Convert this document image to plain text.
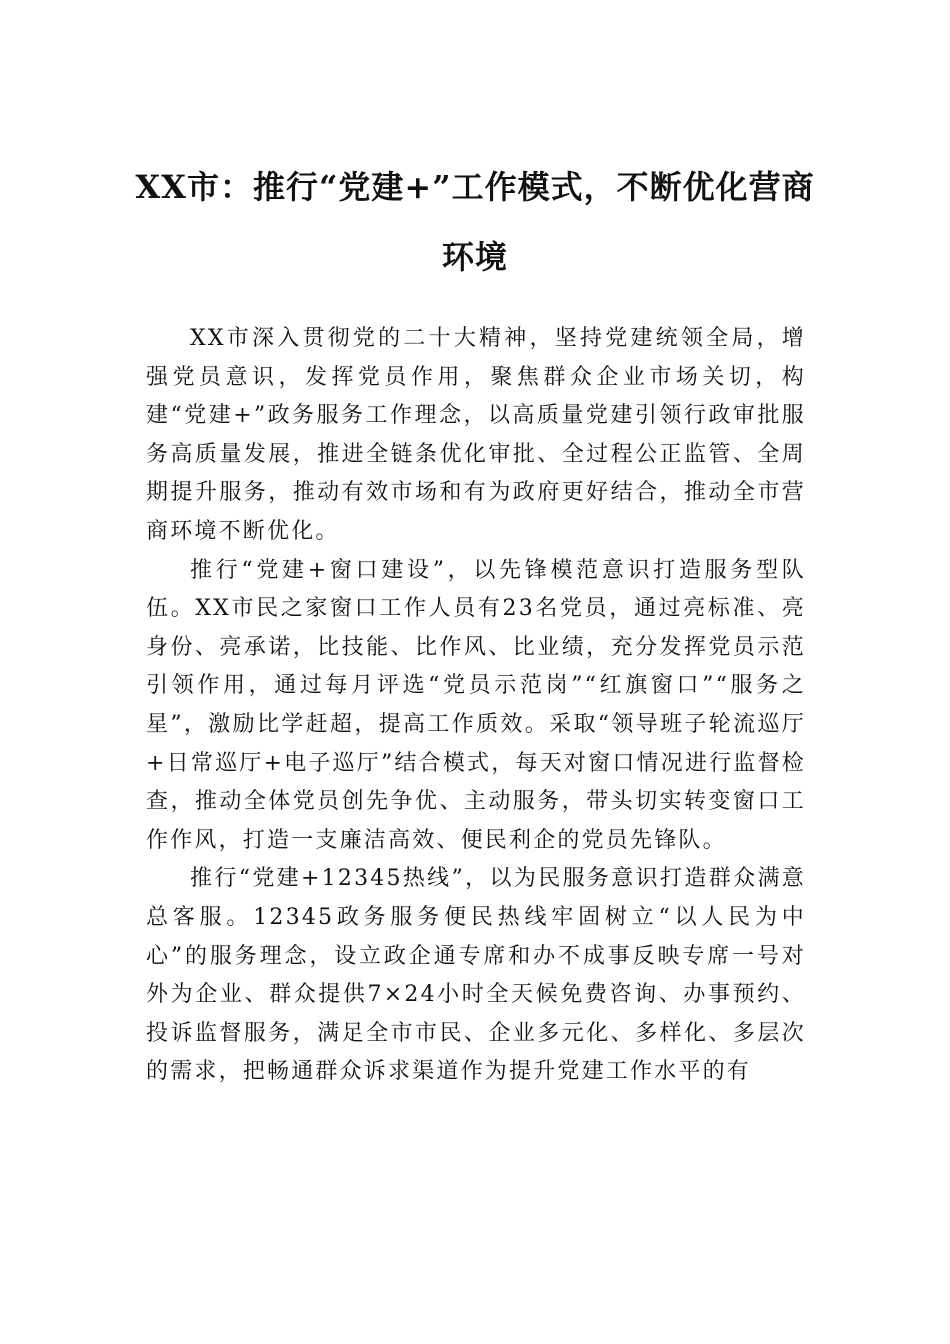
XX市：推行“党建+”工作模式，不断优化营商环境

XX市深入贯彻党的二十大精神，坚持党建统领全局，增强党员意识，发挥党员作用，聚焦群众企业市场关切，构建“党建+”政务服务工作理念，以高质量党建引领行政审批服务高质量发展，推进全链条优化审批、全过程公正监管、全周期提升服务，推动有效市场和有为政府更好结合，推动全市营商环境不断优化。

推行“党建+窗口建设”，以先锋模范意识打造服务型队伍。XX市民之家窗口工作人员有23名党员，通过亮标准、亮身份、亮承诺，比技能、比作风、比业绩，充分发挥党员示范引领作用，通过每月评选“党员示范岗”“红旗窗口”“服务之星”，激励比学赶超，提高工作质效。采取“领导班子轮流巡厅+日常巡厅+电子巡厅”结合模式，每天对窗口情况进行监督检查，推动全体党员创先争优、主动服务，带头切实转变窗口工作作风，打造一支廉洁高效、便民利企的党员先锋队。

推行“党建+12345热线”，以为民服务意识打造群众满意总客服。12345政务服务便民热线牢固树立“以人民为中心”的服务理念，设立政企通专席和办不成事反映专席一号对外为企业、群众提供7×24小时全天候免费咨询、办事预约、投诉监督服务，满足全市市民、企业多元化、多样化、多层次的需求，把畅通群众诉求渠道作为提升党建工作水平的有
